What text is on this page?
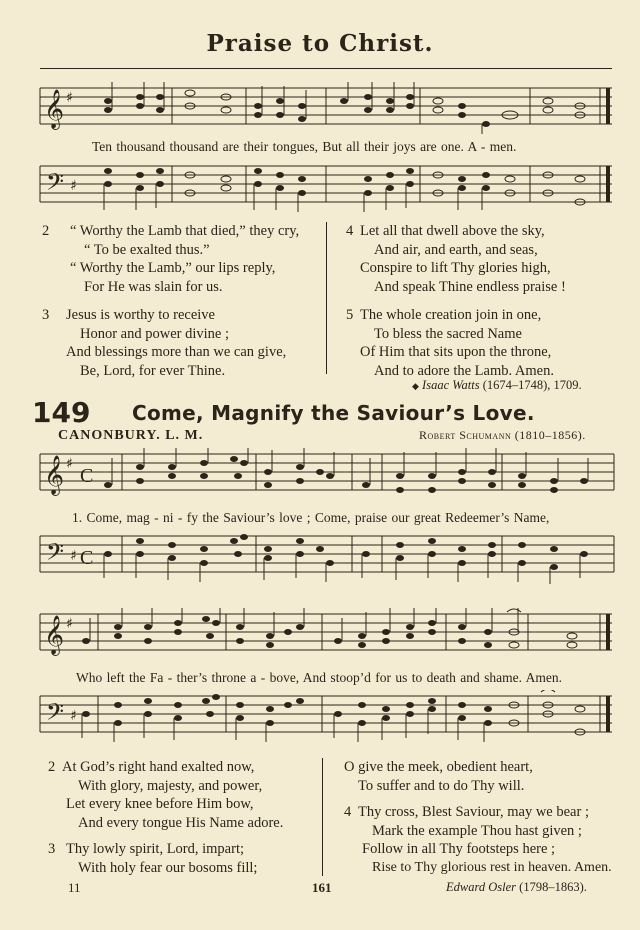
Praise to Christ.
𝄞 ♯
Ten thousand thousand are their tongues, But all their joys are one. A - men.
𝄢 ♯
2	“ Worthy the Lamb that died,” they cry,
“ To be exalted thus.”
“ Worthy the Lamb,” our lips reply,
For He was slain for us.
3 Jesus is worthy to receive
Honor and power divine ;
And blessings more than we can give,
Be, Lord, for ever Thine.
4 Let all that dwell above the sky,
And air, and earth, and seas,
Conspire to lift Thy glories high,
And speak Thine endless praise !
5 The whole creation join in one,
To bless the sacred Name
Of Him that sits upon the throne,
And to adore the Lamb. Amen.
◆ Isaac Watts (1674–1748), 1709.
149 Come, Magnify the Saviour’s Love.
CANONBURY. L. M.	Robert Schumann (1810–1856).
𝄞 ♯
C
1. Come, mag - ni - fy the Saviour’s love ; Come, praise our great Redeemer’s Name,
𝄢 ♯ C
𝄞 ♯
Who left the Fa - ther’s throne a - bove, And stoop’d for us to death and shame. Amen.
𝄢 ♯
2 At God’s right hand exalted now,
With glory, majesty, and power,
Let every knee before Him bow,
And every tongue His Name adore.
3 Thy lowly spirit, Lord, impart;
With holy fear our bosoms fill;
O give the meek, obedient heart,
To suffer and to do Thy will.
4 Thy cross, Blest Saviour, may we bear ;
Mark the example Thou hast given ;
Follow in all Thy footsteps here ;
Rise to Thy glorious rest in heaven. Amen.
11	161	Edward Osler (1798–1863).
